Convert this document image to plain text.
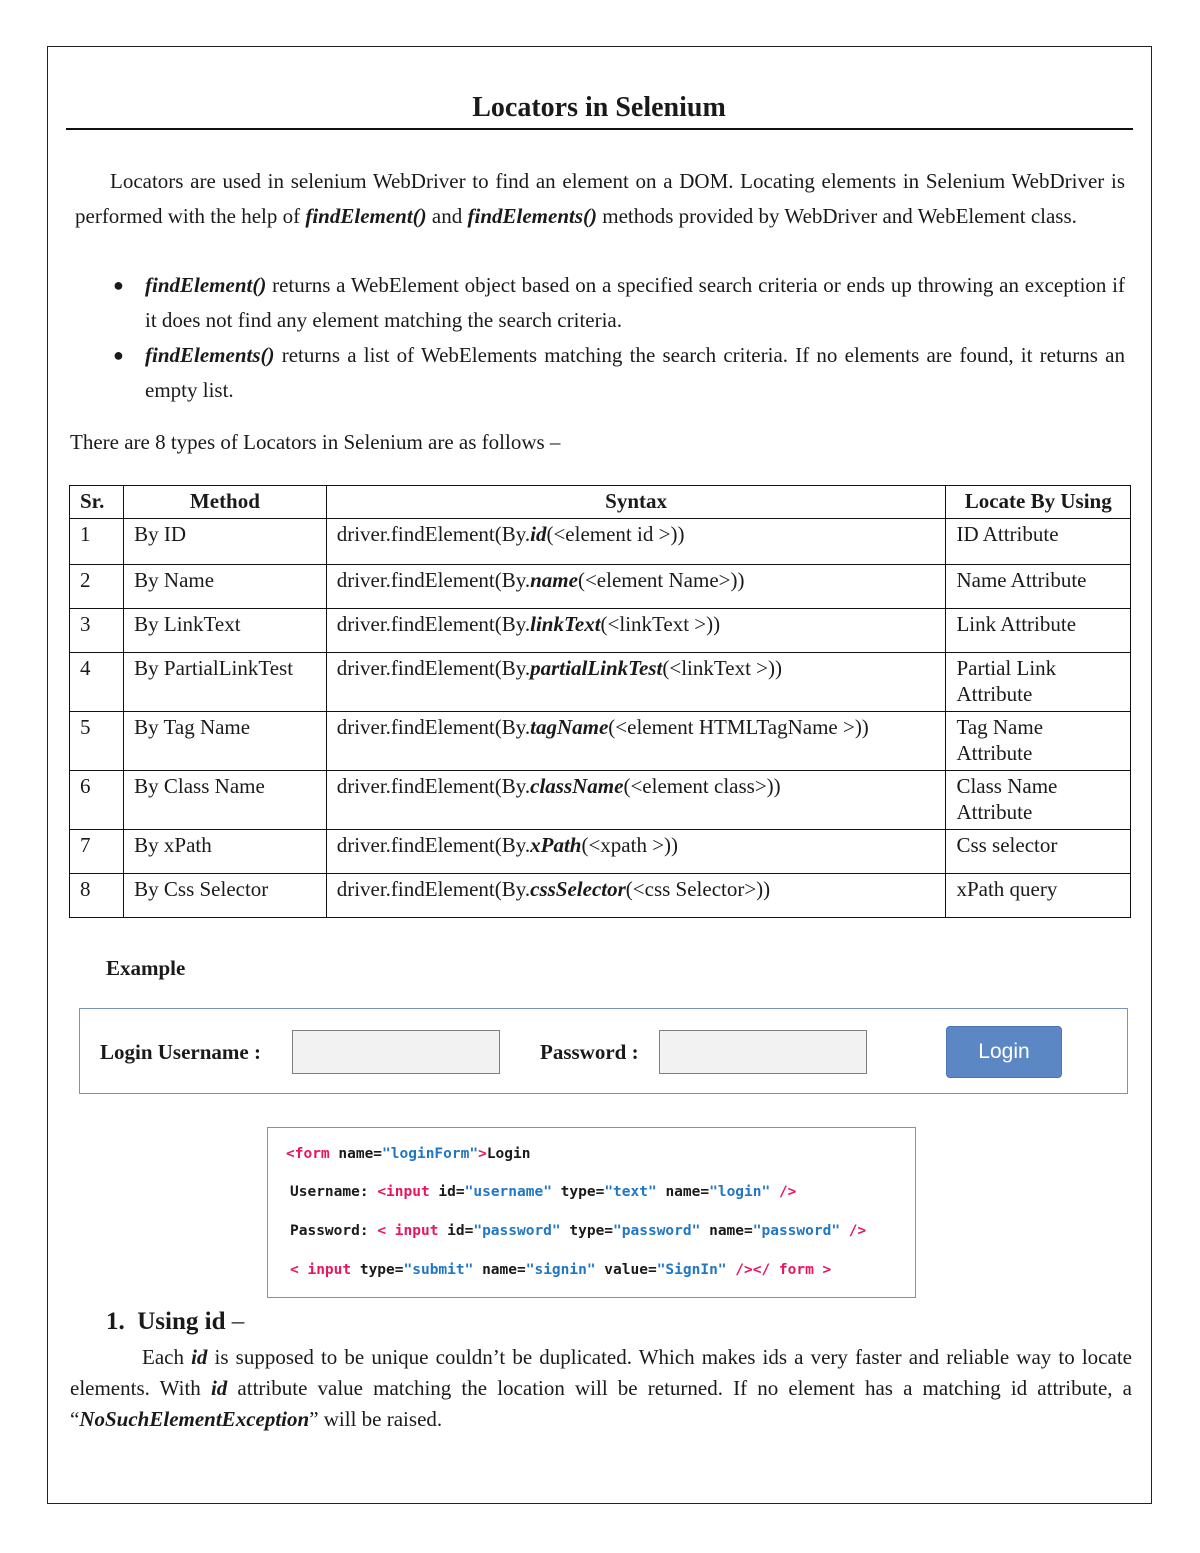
Locators in Selenium

Locators are used in selenium WebDriver to find an element on a DOM. Locating elements in Selenium WebDriver is performed with the help of findElement() and findElements() methods provided by WebDriver and WebElement class.

● findElement() returns a WebElement object based on a specified search criteria or ends up throwing an exception if it does not find any element matching the search criteria.
● findElements() returns a list of WebElements matching the search criteria. If no elements are found, it returns an empty list.
There are 8 types of Locators in Selenium are as follows –
Sr.	Method	Syntax	Locate By Using
1	By ID	driver.findElement(By.id(<element id >))	ID Attribute
2	By Name	driver.findElement(By.name(<element Name>))	Name Attribute
3	By LinkText	driver.findElement(By.linkText(<linkText >))	Link Attribute
4	By PartialLinkTest	driver.findElement(By.partialLinkTest(<linkText >))	Partial Link Attribute
5	By Tag Name	driver.findElement(By.tagName(<element HTMLTagName >))	Tag Name Attribute
6	By Class Name	driver.findElement(By.className(<element class>))	Class Name Attribute
7	By xPath	driver.findElement(By.xPath(<xpath >))	Css selector
8	By Css Selector	driver.findElement(By.cssSelector(<css Selector>))	xPath query
Example
Login Username :	Password :	Login
<form name="loginForm">Login
Username: <input id="username" type="text" name="login" />
Password: < input id="password" type="password" name="password" />
< input type="submit" name="signin" value="SignIn" /></ form >
1. Using id –

Each id is supposed to be unique couldn’t be duplicated. Which makes ids a very faster and reliable way to locate elements. With id attribute value matching the location will be returned. If no element has a matching id attribute, a “NoSuchElementException” will be raised.
